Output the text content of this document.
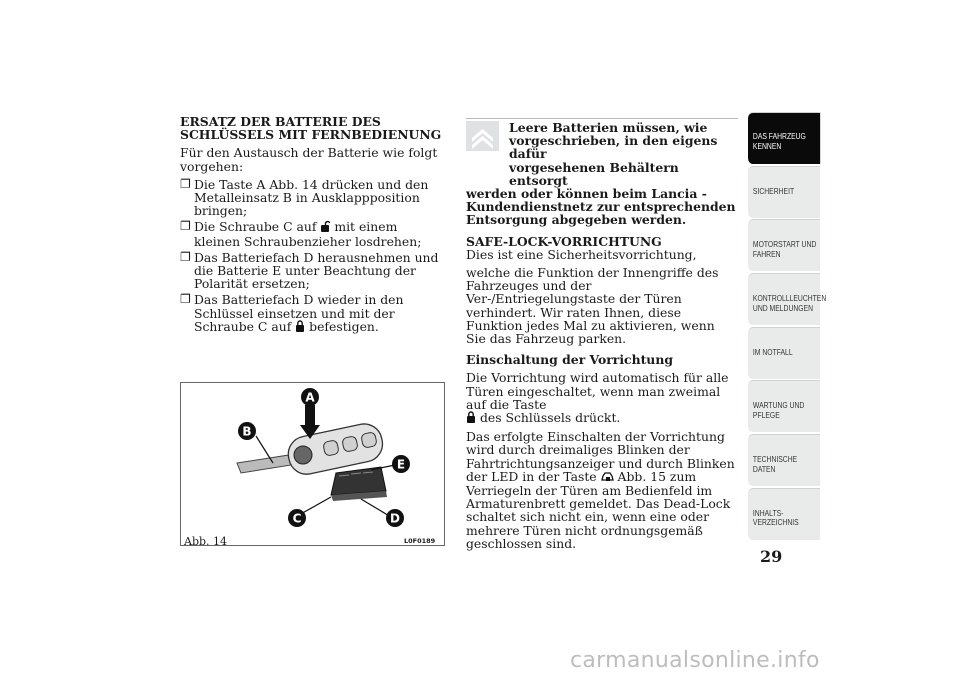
ERSATZ DER BATTERIE DES SCHLÜSSELS MIT FERNBEDIENUNG

Für den Austausch der Batterie wie folgt vorgehen:

❐ Die Taste A Abb. 14 drücken und den Metalleinsatz B in Ausklappposition bringen;
❐ Die Schraube C auf  mit einem kleinen Schraubenzieher losdrehen;
❐ Das Batteriefach D herausnehmen und die Batterie E unter Beachtung der Polarität ersetzen;
❐ Das Batteriefach D wieder in den Schlüssel einsetzen und mit der Schraube C auf  befestigen.
A
B
C	D
E
Abb. 14	L0F0189
Leere Batterien müssen, wie
vorgeschrieben, in den eigens dafür
vorgesehenen Behältern entsorgt

werden oder können beim Lancia -Kundendienstnetz zur entsprechenden Entsorgung abgegeben werden.

SAFE-LOCK-VORRICHTUNG

Dies ist eine Sicherheitsvorrichtung,

welche die Funktion der Innengriffe des Fahrzeuges und der Ver-/Entriegelungstaste der Türen verhindert. Wir raten Ihnen, diese Funktion jedes Mal zu aktivieren, wenn Sie das Fahrzeug parken.

Einschaltung der Vorrichtung

Die Vorrichtung wird automatisch für alle Türen eingeschaltet, wenn man zweimal auf die Taste
des Schlüssels drückt.

Das erfolgte Einschalten der Vorrichtung wird durch dreimaliges Blinken der Fahrtrichtungsanzeiger und durch Blinken der LED in der Taste  Abb. 15 zum Verriegeln der Türen am Bedienfeld im Armaturenbrett gemeldet. Das Dead-Lock schaltet sich nicht ein, wenn eine oder mehrere Türen nicht ordnungsgemäß geschlossen sind.

DAS FAHRZEUG KENNEN
SICHERHEIT
MOTORSTART UND FAHREN
KONTROLLLEUCHTEN UND MELDUNGEN
IM NOTFALL
WARTUNG UND PFLEGE
TECHNISCHE DATEN
INHALTS-VERZEICHNIS
29
carmanualsonline.info
